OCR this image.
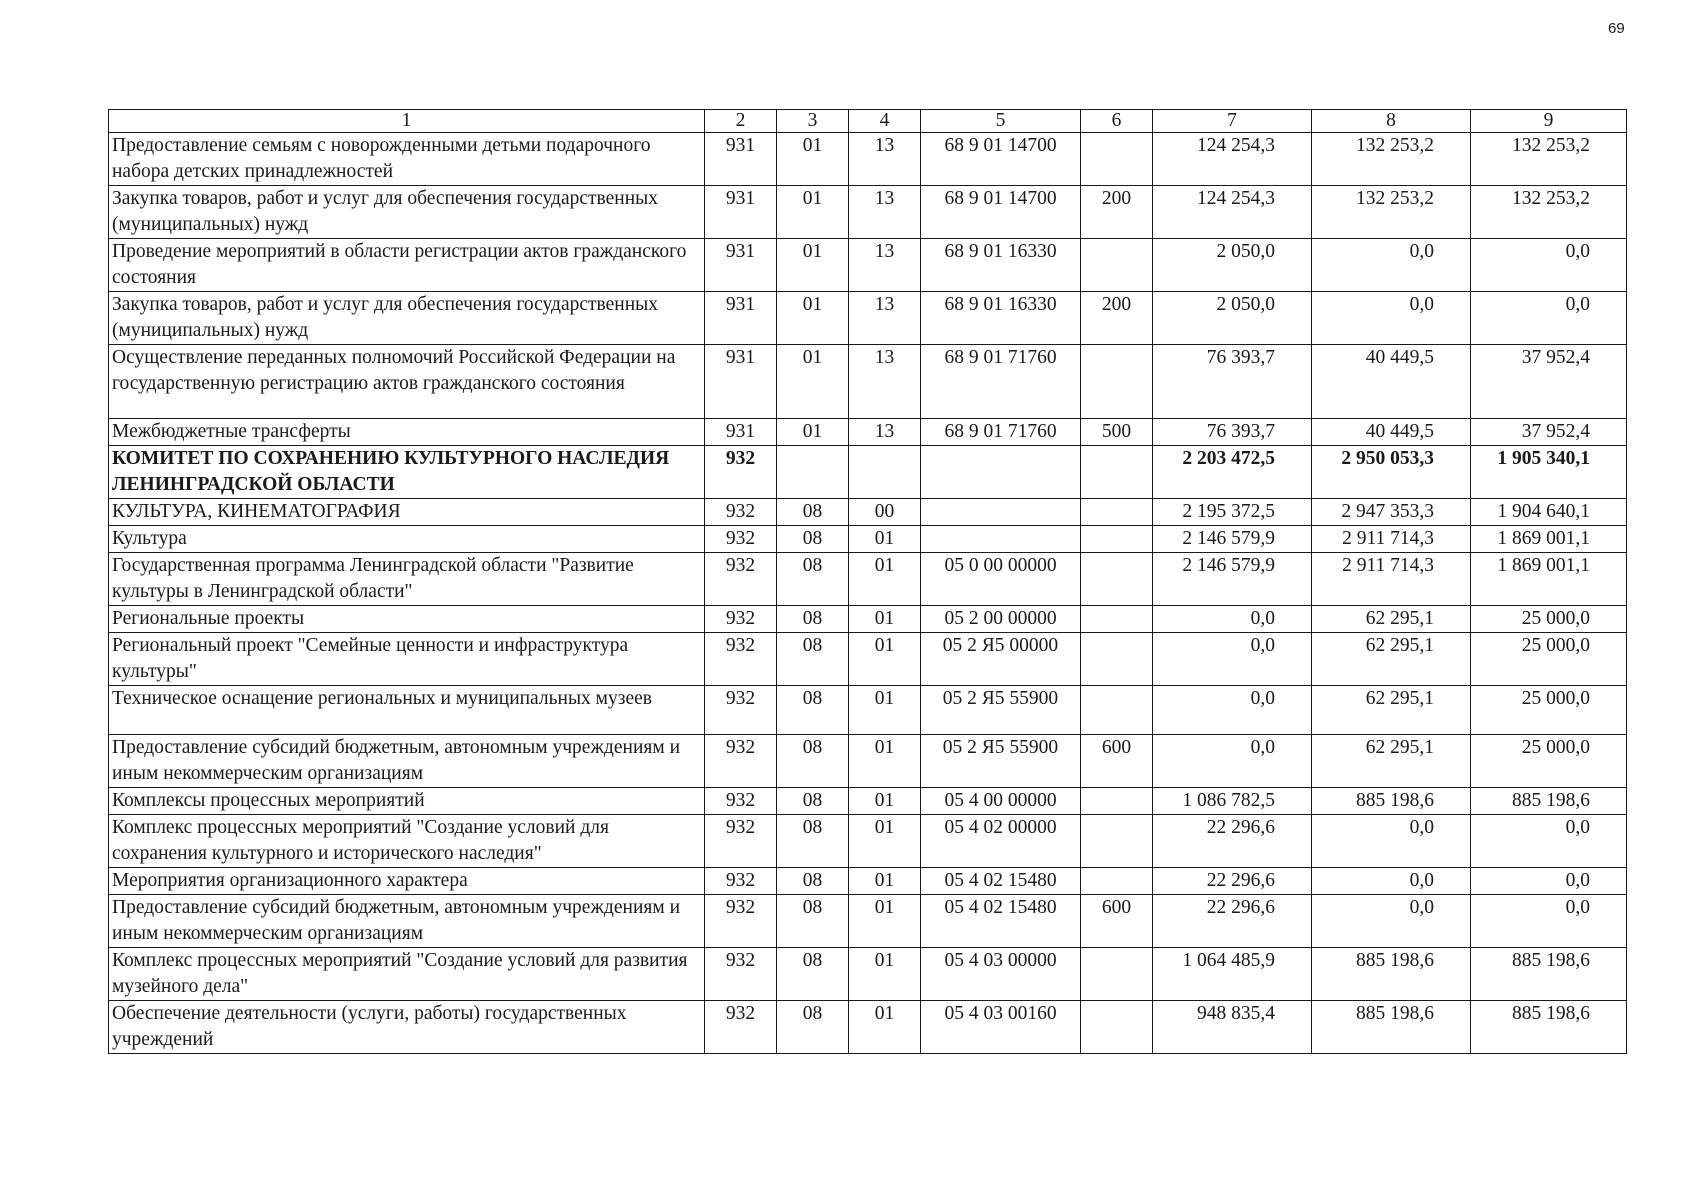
69
1	2	3	4	5	6	7	8	9
Предоставление семьям с новорожденными детьми подарочного набора детских принадлежностей	931	01	13	68 9 01 14700		124 254,3	132 253,2	132 253,2
Закупка товаров, работ и услуг для обеспечения государственных (муниципальных) нужд	931	01	13	68 9 01 14700	200	124 254,3	132 253,2	132 253,2
Проведение мероприятий в области регистрации актов гражданского состояния	931	01	13	68 9 01 16330		2 050,0	0,0	0,0
Закупка товаров, работ и услуг для обеспечения государственных (муниципальных) нужд	931	01	13	68 9 01 16330	200	2 050,0	0,0	0,0
Осуществление переданных полномочий Российской Федерации на государственную регистрацию актов гражданского состояния	931	01	13	68 9 01 71760		76 393,7	40 449,5	37 952,4
Межбюджетные трансферты	931	01	13	68 9 01 71760	500	76 393,7	40 449,5	37 952,4
КОМИТЕТ ПО СОХРАНЕНИЮ КУЛЬТУРНОГО НАСЛЕДИЯ ЛЕНИНГРАДСКОЙ ОБЛАСТИ	932					2 203 472,5	2 950 053,3	1 905 340,1
КУЛЬТУРА, КИНЕМАТОГРАФИЯ	932	08	00			2 195 372,5	2 947 353,3	1 904 640,1
Культура	932	08	01			2 146 579,9	2 911 714,3	1 869 001,1
Государственная программа Ленинградской области "Развитие культуры в Ленинградской области"	932	08	01	05 0 00 00000		2 146 579,9	2 911 714,3	1 869 001,1
Региональные проекты	932	08	01	05 2 00 00000		0,0	62 295,1	25 000,0
Региональный проект "Семейные ценности и инфраструктура культуры"	932	08	01	05 2 Я5 00000		0,0	62 295,1	25 000,0
Техническое оснащение региональных и муниципальных музеев	932	08	01	05 2 Я5 55900		0,0	62 295,1	25 000,0
Предоставление субсидий бюджетным, автономным учреждениям и иным некоммерческим организациям	932	08	01	05 2 Я5 55900	600	0,0	62 295,1	25 000,0
Комплексы процессных мероприятий	932	08	01	05 4 00 00000		1 086 782,5	885 198,6	885 198,6
Комплекс процессных мероприятий "Создание условий для сохранения культурного и исторического наследия"	932	08	01	05 4 02 00000		22 296,6	0,0	0,0
Мероприятия организационного характера	932	08	01	05 4 02 15480		22 296,6	0,0	0,0
Предоставление субсидий бюджетным, автономным учреждениям и иным некоммерческим организациям	932	08	01	05 4 02 15480	600	22 296,6	0,0	0,0
Комплекс процессных мероприятий "Создание условий для развития музейного дела"	932	08	01	05 4 03 00000		1 064 485,9	885 198,6	885 198,6
Обеспечение деятельности (услуги, работы) государственных учреждений	932	08	01	05 4 03 00160		948 835,4	885 198,6	885 198,6
